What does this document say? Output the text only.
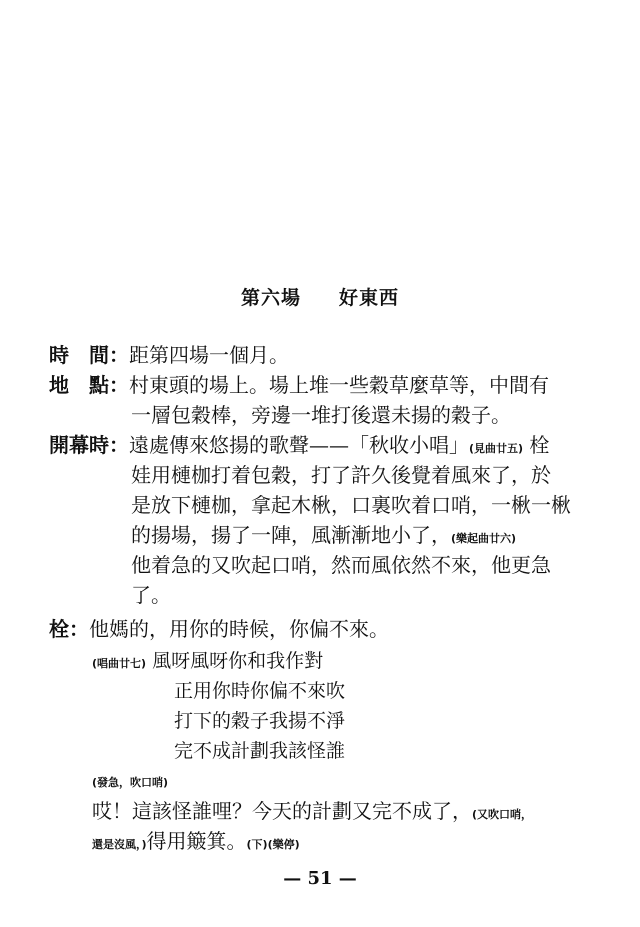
第六場 好東西
時　間：距第四場一個月。
地　點：村東頭的場上。場上堆一些穀草麼草等，中間有
一層包穀棒，旁邊一堆打後還未揚的穀子。
開幕時：遠處傳來悠揚的歌聲——「秋收小唱」(見曲廿五) 栓
娃用槤枷打着包穀，打了許久後覺着風來了，於
是放下槤枷，拿起木楸，口裏吹着口哨，一楸一楸
的揚場，揚了一陣，風漸漸地小了，(樂起曲廿六)
他着急的又吹起口哨，然而風依然不來，他更急
了。
栓：他媽的，用你的時候，你偏不來。
(唱曲廿七) 風呀風呀你和我作對
正用你時你偏不來吹
打下的穀子我揚不淨
完不成計劃我該怪誰
(發急，吹口哨)
哎！這該怪誰哩？今天的計劃又完不成了，(又吹口哨，
還是沒風，)得用簸箕。(下)(樂停)
— 51 —
